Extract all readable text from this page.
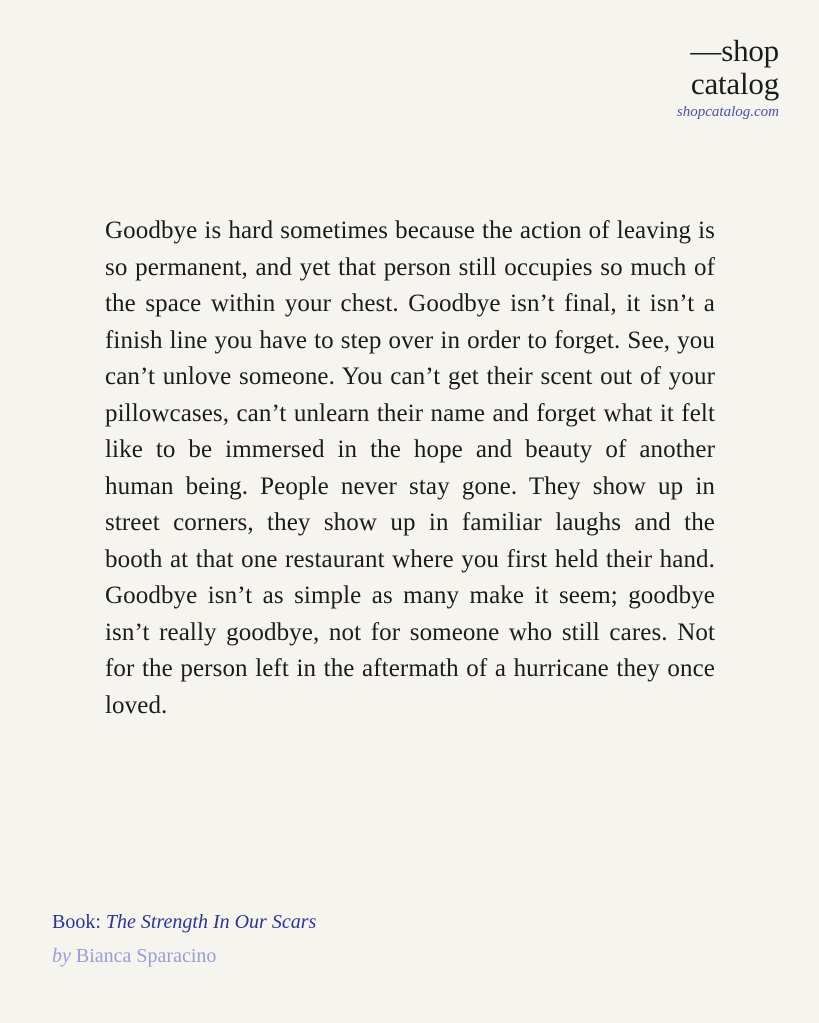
—shop
catalog
shopcatalog.com

Goodbye is hard sometimes because the action of leaving is so permanent, and yet that person still occupies so much of the space within your chest. Goodbye isn’t final, it isn’t a finish line you have to step over in order to forget. See, you can’t unlove someone. You can’t get their scent out of your pillowcases, can’t unlearn their name and forget what it felt like to be immersed in the hope and beauty of another human being. People never stay gone. They show up in street corners, they show up in familiar laughs and the booth at that one restaurant where you first held their hand. Goodbye isn’t as simple as many make it seem; goodbye isn’t really goodbye, not for someone who still cares. Not for the person left in the aftermath of a hurricane they once loved.

Book: The Strength In Our Scars
by Bianca Sparacino
